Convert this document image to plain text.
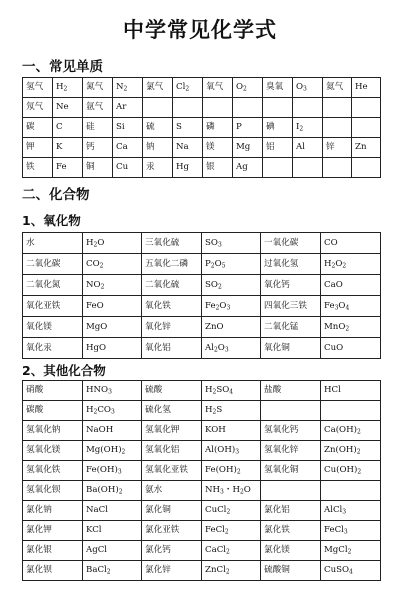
中学常见化学式
一、常见单质
氢气	$H_2$	氮气	$N_2$	氯气	$Cl_2$	氧气	$O_2$	臭氧	$O_3$	氦气	He
氖气	Ne	氩气	Ar								
碳	C	硅	Si	硫	S	磷	P	碘	$I_2$		
钾	K	钙	Ca	钠	Na	镁	Mg	铝	Al	锌	Zn
铁	Fe	铜	Cu	汞	Hg	银	Ag				
二、化合物
1、氧化物
水	$H_2O$	三氧化硫	$SO_3$	一氧化碳	CO
二氧化碳	$CO_2$	五氧化二磷	$P_2O_5$	过氧化氢	$H_2O_2$
二氧化氮	$NO_2$	二氧化硫	$SO_2$	氧化钙	CaO
氧化亚铁	FeO	氧化铁	$Fe_2O_3$	四氧化三铁	$Fe_3O_4$
氧化镁	MgO	氧化锌	ZnO	二氧化锰	MnO$_2$
氧化汞	HgO	氧化铝	$Al_2O_3$	氧化铜	CuO
2、其他化合物
硝酸	$HNO_3$	硫酸	$H_2SO_4$	盐酸	HCl
碳酸	$H_2CO_3$	硫化氢	$H_2S$		
氢氧化钠	NaOH	氢氧化钾	KOH	氢氧化钙	$Ca(OH)_2$
氢氧化镁	$Mg(OH)_2$	氢氧化铝	$Al(OH)_3$	氢氧化锌	$Zn(OH)_2$
氢氧化铁	$Fe(OH)_3$	氢氧化亚铁	$Fe(OH)_2$	氢氧化铜	$Cu(OH)_2$
氢氧化钡	$Ba(OH)_2$	氨水	$NH_3$・$H_2O$		
氯化钠	NaCl	氯化铜	CuCl$_2$	氯化铝	AlCl$_3$
氯化钾	KCl	氯化亚铁	FeCl$_2$	氯化铁	FeCl$_3$
氯化银	AgCl	氯化钙	CaCl$_2$	氯化镁	MgCl$_2$
氯化钡	BaCl$_2$	氯化锌	ZnCl$_2$	硫酸铜	CuSO$_4$
